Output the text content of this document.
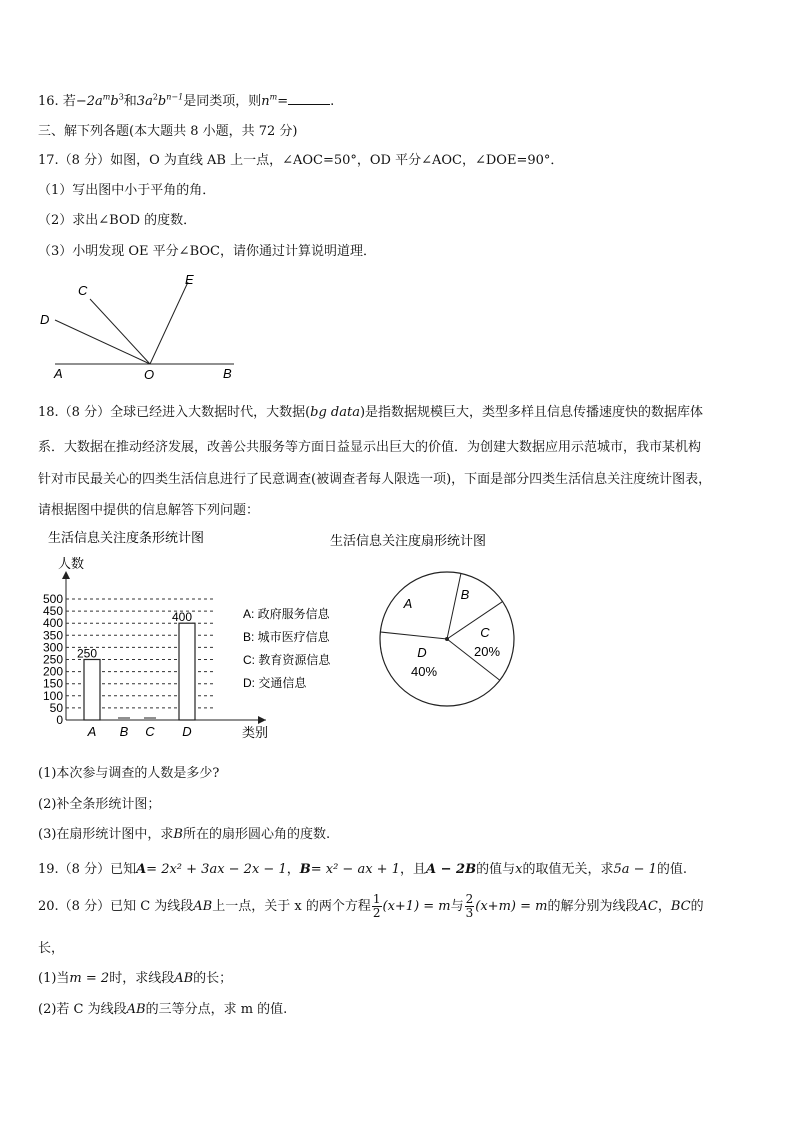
16. 若$-2a^mb^3$和$3a^2b^{n-1}$是同类项，则$n^m=$	.
三、解下列各题(本大题共 8 小题，共 72 分)
17.（8 分）如图，O 为直线 AB 上一点，∠AOC=50°，OD 平分∠AOC，∠DOE=90°．
（1）写出图中小于平角的角．
（2）求出∠BOD 的度数．
（3）小明发现 OE 平分∠BOC，请你通过计算说明道理．
C
D
E
A	O	B
18.（8 分）全球已经进入大数据时代，大数据(bg data)是指数据规模巨大，类型多样且信息传播速度快的数据库体
系．大数据在推动经济发展，改善公共服务等方面日益显示出巨大的价值．为创建大数据应用示范城市，我市某机构
针对市民最关心的四类生活信息进行了民意调查(被调查者每人限选一项)，下面是部分四类生活信息关注度统计图表，
请根据图中提供的信息解答下列问题：
生活信息关注度条形统计图
人数
类别
A: 政府服务信息
B: 城市医疗信息
C: 教育资源信息
D: 交通信息
0
50
100
150
200
250
300
350
400
450
500
250
A B C
400
D
生活信息关注度扇形统计图
A
B
C
20%
D
40%
(1)本次参与调查的人数是多少?
(2)补全条形统计图；
(3)在扇形统计图中，求B所在的扇形圆心角的度数.
19.（8 分）已知A= 2x² + 3ax − 2x − 1，B= x² − ax + 1，且A − 2B的值与x的取值无关，求5a − 1的值.
20.（8 分）已知 C 为线段AB上一点，关于 x 的两个方程 $\frac{1}{2} (x+1) = m$与 $\frac{2}{3} (x+m) = m$的解分别为线段AC，BC的
长，
(1)当m = 2时，求线段AB的长；
(2)若 C 为线段AB的三等分点，求 m 的值.
